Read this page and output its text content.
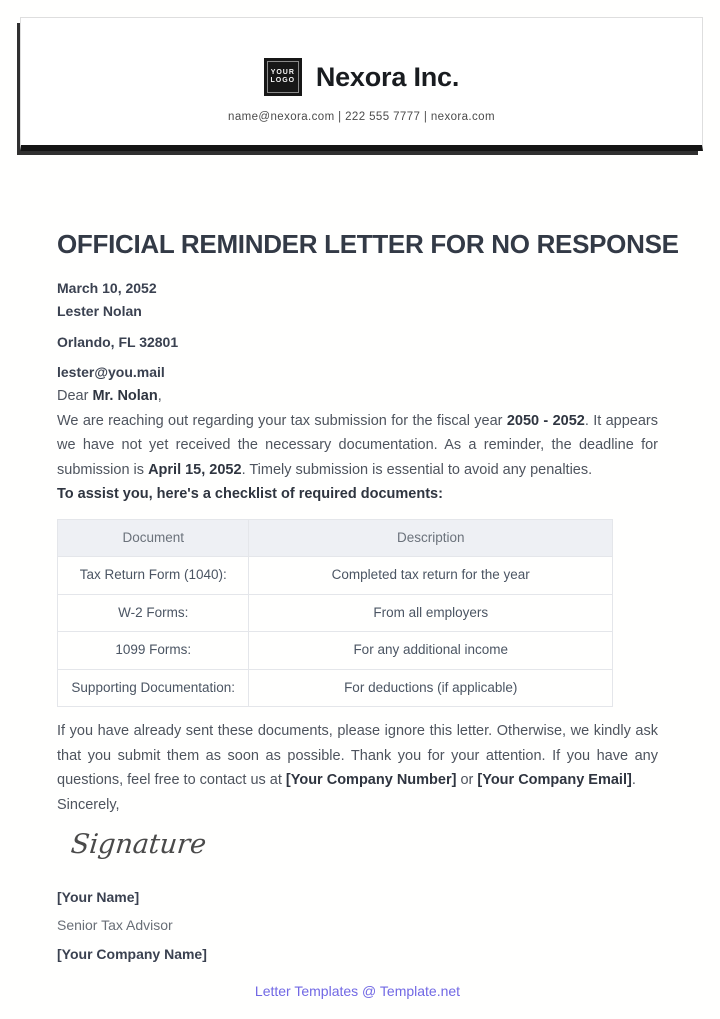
YOUR
LOGO Nexora Inc.
name@nexora.com | 222 555 7777 | nexora.com
OFFICIAL REMINDER LETTER FOR NO RESPONSE
March 10, 2052
Lester Nolan
Orlando, FL 32801
lester@you.mail

Dear Mr. Nolan,

We are reaching out regarding your tax submission for the fiscal year 2050 - 2052. It appears we have not yet received the necessary documentation. As a reminder, the deadline for submission is April 15, 2052. Timely submission is essential to avoid any penalties.

To assist you, here's a checklist of required documents:

Document	Description
Tax Return Form (1040):	Completed tax return for the year
W-2 Forms:	From all employers
1099 Forms:	For any additional income
Supporting Documentation:	For deductions (if applicable)

If you have already sent these documents, please ignore this letter. Otherwise, we kindly ask that you submit them as soon as possible. Thank you for your attention. If you have any questions, feel free to contact us at [Your Company Number] or [Your Company Email].

Sincerely,

Signature
[Your Name]
Senior Tax Advisor
[Your Company Name]
Letter Templates @ Template.net
